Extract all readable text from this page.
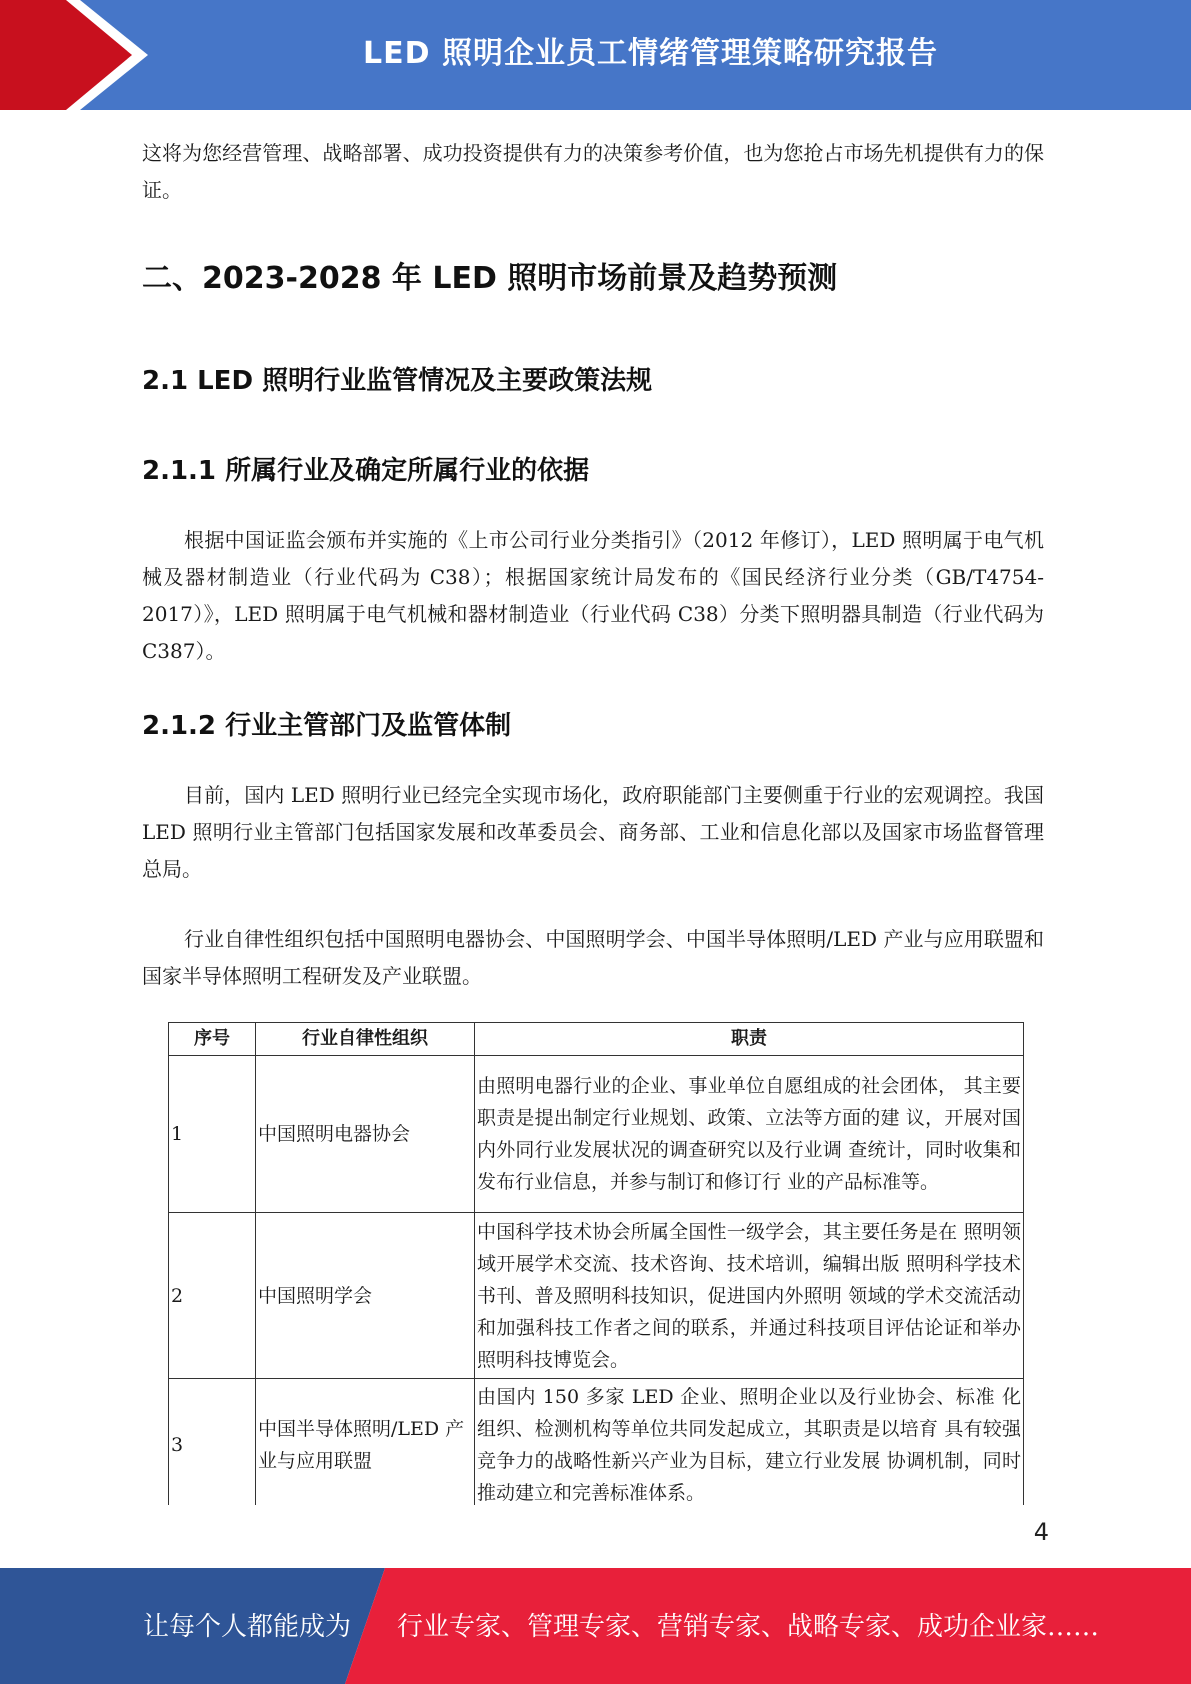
LED 照明企业员工情绪管理策略研究报告

这将为您经营管理、战略部署、成功投资提供有力的决策参考价值，也为您抢占市场先机提供有力的保证。

二、2023-2028 年 LED 照明市场前景及趋势预测
2.1 LED 照明行业监管情况及主要政策法规
2.1.1 所属行业及确定所属行业的依据

根据中国证监会颁布并实施的《上市公司行业分类指引》（2012 年修订），LED 照明属于电气机械及器材制造业（行业代码为 C38）；根据国家统计局发布的《国民经济行业分类（GB/T4754-2017）》，LED 照明属于电气机械和器材制造业（行业代码 C38）分类下照明器具制造（行业代码为 C387）。

2.1.2 行业主管部门及监管体制

目前，国内 LED 照明行业已经完全实现市场化，政府职能部门主要侧重于行业的宏观调控。我国 LED 照明行业主管部门包括国家发展和改革委员会、商务部、工业和信息化部以及国家市场监督管理总局。

行业自律性组织包括中国照明电器协会、中国照明学会、中国半导体照明/LED 产业与应用联盟和国家半导体照明工程研发及产业联盟。

序号	行业自律性组织	职责
1	中国照明电器协会	由照明电器行业的企业、事业单位自愿组成的社会团体， 其主要职责是提出制定行业规划、政策、立法等方面的建 议，开展对国内外同行业发展状况的调查研究以及行业调 查统计，同时收集和发布行业信息，并参与制订和修订行 业的产品标准等。
2	中国照明学会	中国科学技术协会所属全国性一级学会，其主要任务是在 照明领域开展学术交流、技术咨询、技术培训，编辑出版 照明科学技术书刊、普及照明科技知识，促进国内外照明 领域的学术交流活动和加强科技工作者之间的联系，并通过科技项目评估论证和举办照明科技博览会。
3	中国半导体照明/LED 产业与应用联盟	由国内 150 多家 LED 企业、照明企业以及行业协会、标准 化组织、检测机构等单位共同发起成立，其职责是以培育 具有较强竞争力的战略性新兴产业为目标，建立行业发展 协调机制，同时推动建立和完善标准体系。
4
让每个人都能成为 行业专家、管理专家、营销专家、战略专家、成功企业家……
